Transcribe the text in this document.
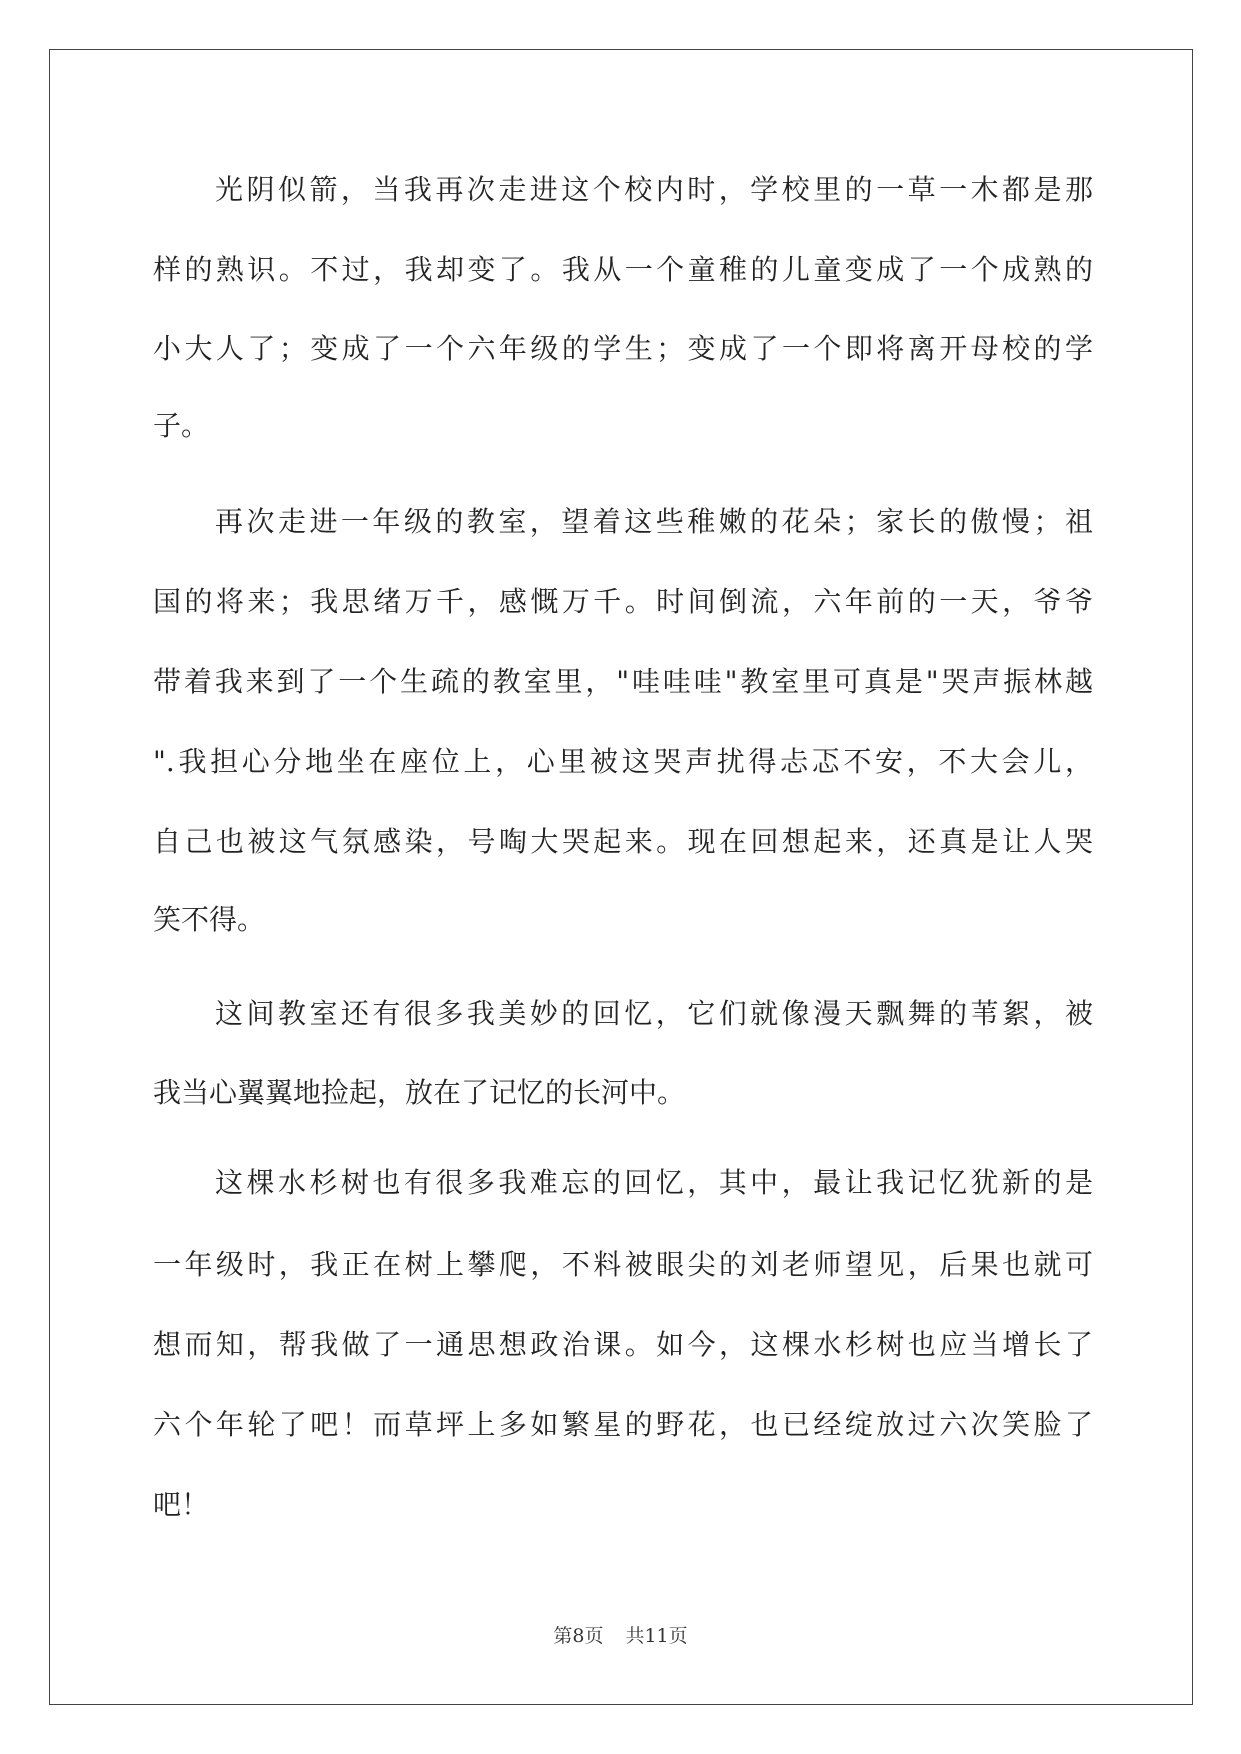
光阴似箭，当我再次走进这个校内时，学校里的一草一木都是那
样的熟识。不过，我却变了。我从一个童稚的儿童变成了一个成熟的
小大人了；变成了一个六年级的学生；变成了一个即将离开母校的学
子。
再次走进一年级的教室，望着这些稚嫩的花朵；家长的傲慢；祖
国的将来；我思绪万千，感慨万千。时间倒流，六年前的一天，爷爷
带着我来到了一个生疏的教室里，"哇哇哇"教室里可真是"哭声振林越
".我担心分地坐在座位上，心里被这哭声扰得忐忑不安，不大会儿，
自己也被这气氛感染，号啕大哭起来。现在回想起来，还真是让人哭
笑不得。
这间教室还有很多我美妙的回忆，它们就像漫天飘舞的苇絮，被
我当心翼翼地捡起，放在了记忆的长河中。
这棵水杉树也有很多我难忘的回忆，其中，最让我记忆犹新的是
一年级时，我正在树上攀爬，不料被眼尖的刘老师望见，后果也就可
想而知，帮我做了一通思想政治课。如今，这棵水杉树也应当增长了
六个年轮了吧！而草坪上多如繁星的野花，也已经绽放过六次笑脸了
吧！
第8页 共11页
